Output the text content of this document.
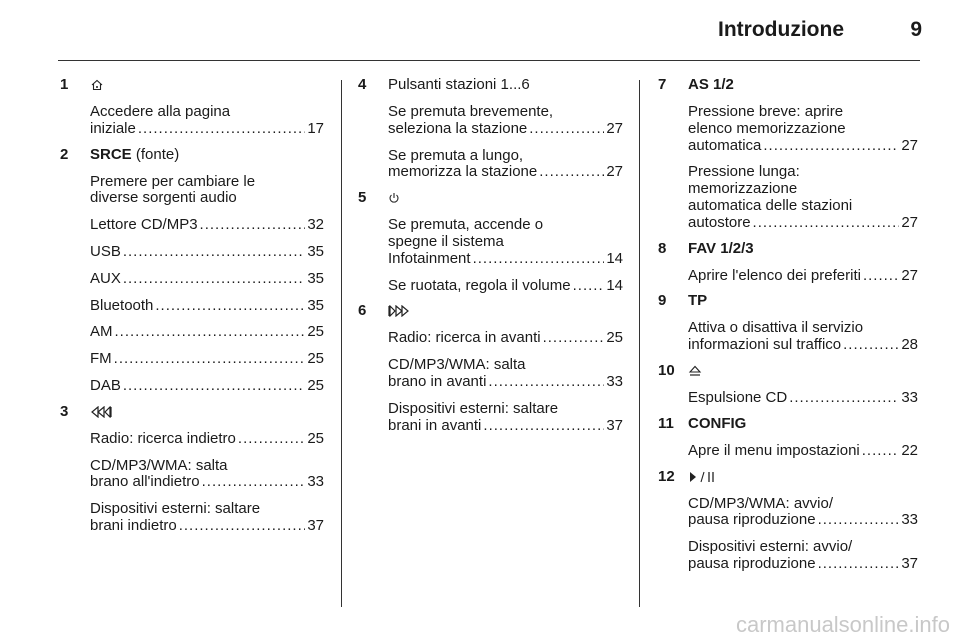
Introduzione	9
1
Accedere alla pagina
iniziale .....	17
2 SRCE (fonte)
Premere per cambiare le
diverse sorgenti audio
Lettore CD/MP3 .....	32
USB .....	35
AUX .....	35
Bluetooth .....	35
AM .....	25
FM .....	25
DAB .....	25
3
Radio: ricerca indietro .....	25
CD/MP3/WMA: salta
brano all'indietro .....	33
Dispositivi esterni: saltare
brani indietro .....	37
4 Pulsanti stazioni 1...6
Se premuta brevemente,
seleziona la stazione .....	27
Se premuta a lungo,
memorizza la stazione .....	27
5
Se premuta, accende o
spegne il sistema
Infotainment .....	14
Se ruotata, regola il volume ..... 14
6
Radio: ricerca in avanti .....	25
CD/MP3/WMA: salta
brano in avanti .....	33
Dispositivi esterni: saltare
brani in avanti .....	37
7 AS 1/2
Pressione breve: aprire
elenco memorizzazione
automatica .....	27
Pressione lunga:
memorizzazione
automatica delle stazioni
autostore .....	27
8 FAV 1/2/3
Aprire l'elenco dei preferiti .....	27
9 TP
Attiva o disattiva il servizio
informazioni sul traffico .....	28
10
Espulsione CD .....	33
11 CONFIG
Apre il menu impostazioni .....	22
12
CD/MP3/WMA: avvio/
pausa riproduzione .....	33
Dispositivi esterni: avvio/
pausa riproduzione .....	37
carmanualsonline.info
